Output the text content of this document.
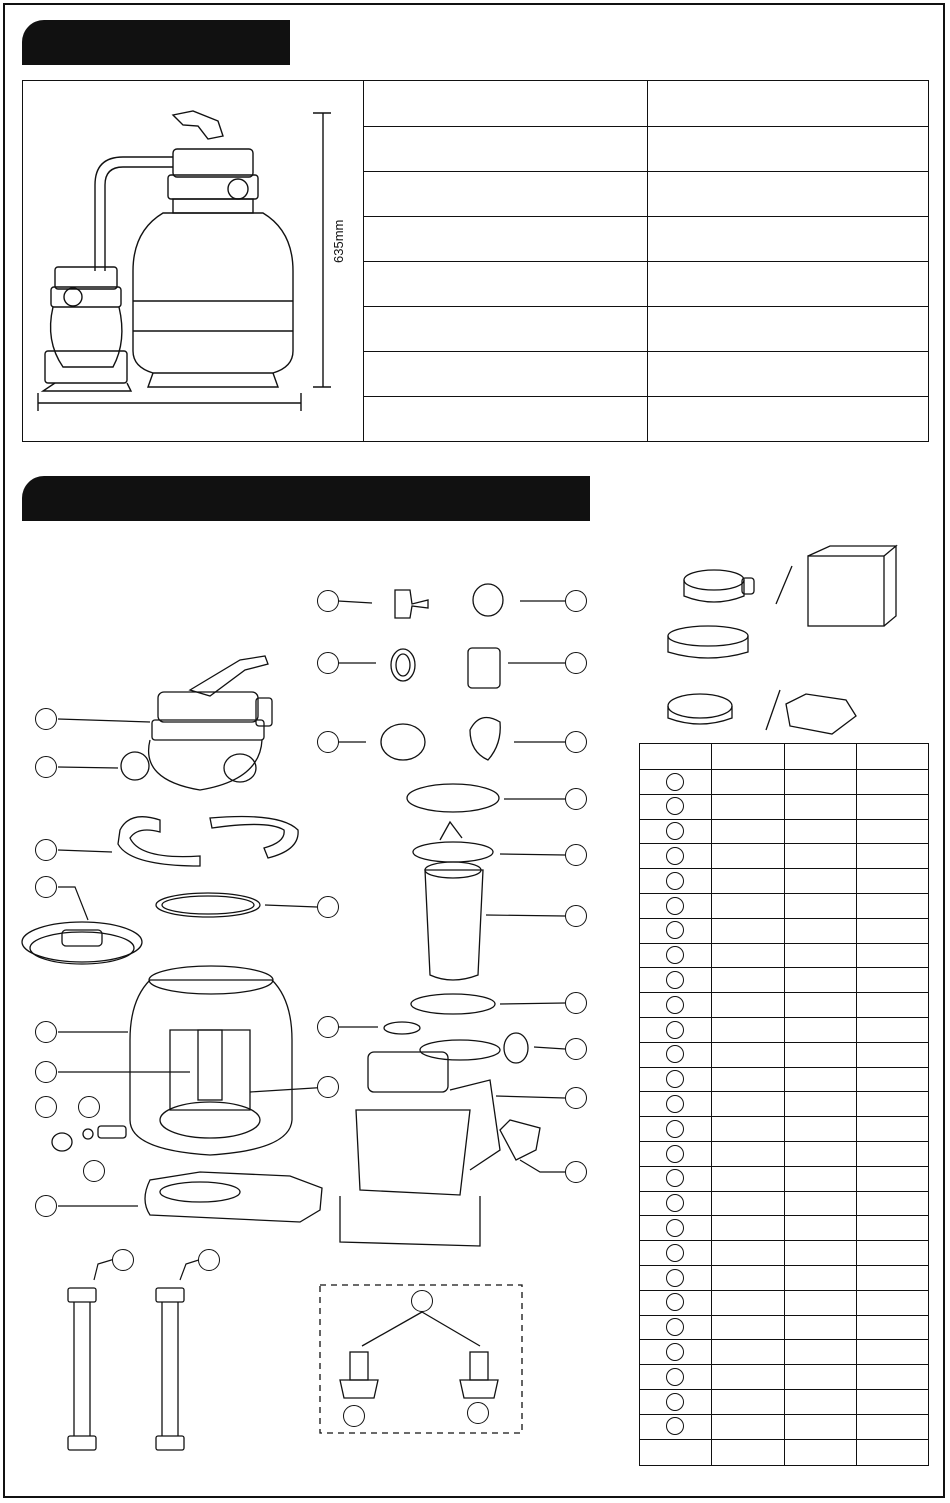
635mm
